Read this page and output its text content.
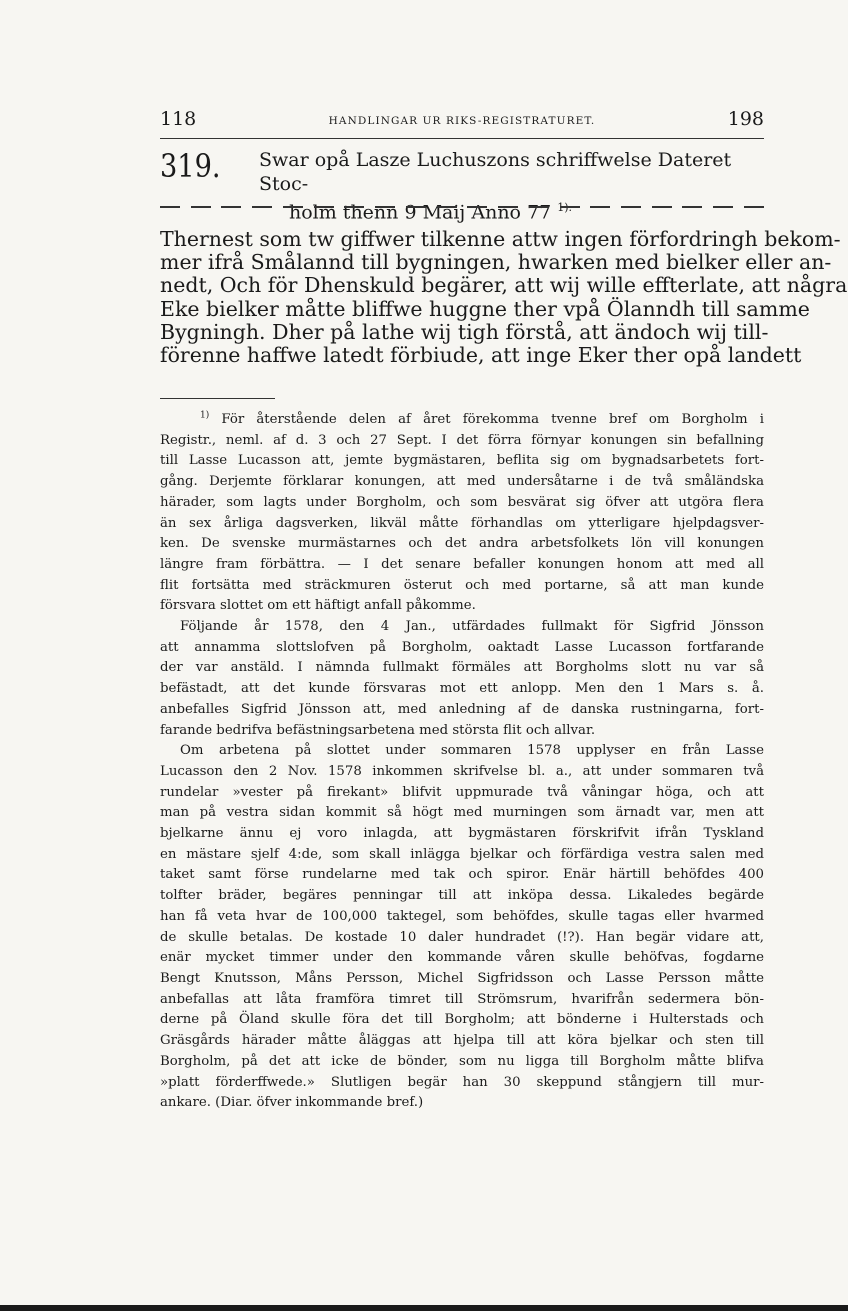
118	HANDLINGAR UR RIKS-REGISTRATURET.	198
319. Swar opå Lasze Luchuszons schriffwelse Dateret Stoc-
holm thenn 9 Maij Anno 77 $^{1).}$
Thernest som tw giffwer tilkenne attw ingen förfordringh bekom-
mer ifrå Smålannd till bygningen, hwarken med bielker eller an-
nedt, Och för Dhenskuld begärer, att wij wille effterlate, att några
Eke bielker måtte bliffwe huggne ther vpå Ölanndh till samme
Bygningh. Dher på lathe wij tigh förstå, att ändoch wij till-
förenne haffwe latedt förbiude, att inge Eker ther opå landett
$^{1)}$ För återstående delen af året förekomma tvenne bref om Borgholm i
Registr., neml. af d. 3 och 27 Sept. I det förra förnyar konungen sin befallning
till Lasse Lucasson att, jemte bygmästaren, beflita sig om bygnadsarbetets fort-
gång. Derjemte förklarar konungen, att med undersåtarne i de två småländska
härader, som lagts under Borgholm, och som besvärat sig öfver att utgöra flera
än sex årliga dagsverken, likväl måtte förhandlas om ytterligare hjelpdagsver-
ken. De svenske murmästarnes och det andra arbetsfolkets lön vill konungen
längre fram förbättra. — I det senare befaller konungen honom att med all
flit fortsätta med sträckmuren österut och med portarne, så att man kunde
försvara slottet om ett häftigt anfall påkomme.
Följande år 1578, den 4 Jan., utfärdades fullmakt för Sigfrid Jönsson
att annamma slottslofven på Borgholm, oaktadt Lasse Lucasson fortfarande
der var anstäld. I nämnda fullmakt förmäles att Borgholms slott nu var så
befästadt, att det kunde försvaras mot ett anlopp. Men den 1 Mars s. å.
anbefalles Sigfrid Jönsson att, med anledning af de danska rustningarna, fort-
farande bedrifva befästningsarbetena med största flit och allvar.
Om arbetena på slottet under sommaren 1578 upplyser en från Lasse
Lucasson den 2 Nov. 1578 inkommen skrifvelse bl. a., att under sommaren två
rundelar »vester på firekant» blifvit uppmurade två våningar höga, och att
man på vestra sidan kommit så högt med murningen som ärnadt var, men att
bjelkarne ännu ej voro inlagda, att bygmästaren förskrifvit ifrån Tyskland
en mästare sjelf 4:de, som skall inlägga bjelkar och förfärdiga vestra salen med
taket samt förse rundelarne med tak och spiror. Enär härtill behöfdes 400
tolfter bräder, begäres penningar till att inköpa dessa. Likaledes begärde
han få veta hvar de 100,000 taktegel, som behöfdes, skulle tagas eller hvarmed
de skulle betalas. De kostade 10 daler hundradet (!?). Han begär vidare att,
enär mycket timmer under den kommande våren skulle behöfvas, fogdarne
Bengt Knutsson, Måns Persson, Michel Sigfridsson och Lasse Persson måtte
anbefallas att låta framföra timret till Strömsrum, hvarifrån sedermera bön-
derne på Öland skulle föra det till Borgholm; att bönderne i Hulterstads och
Gräsgårds härader måtte åläggas att hjelpa till att köra bjelkar och sten till
Borgholm, på det att icke de bönder, som nu ligga till Borgholm måtte blifva
»platt förderffwede.» Slutligen begär han 30 skeppund stångjern till mur-
ankare. (Diar. öfver inkommande bref.)
